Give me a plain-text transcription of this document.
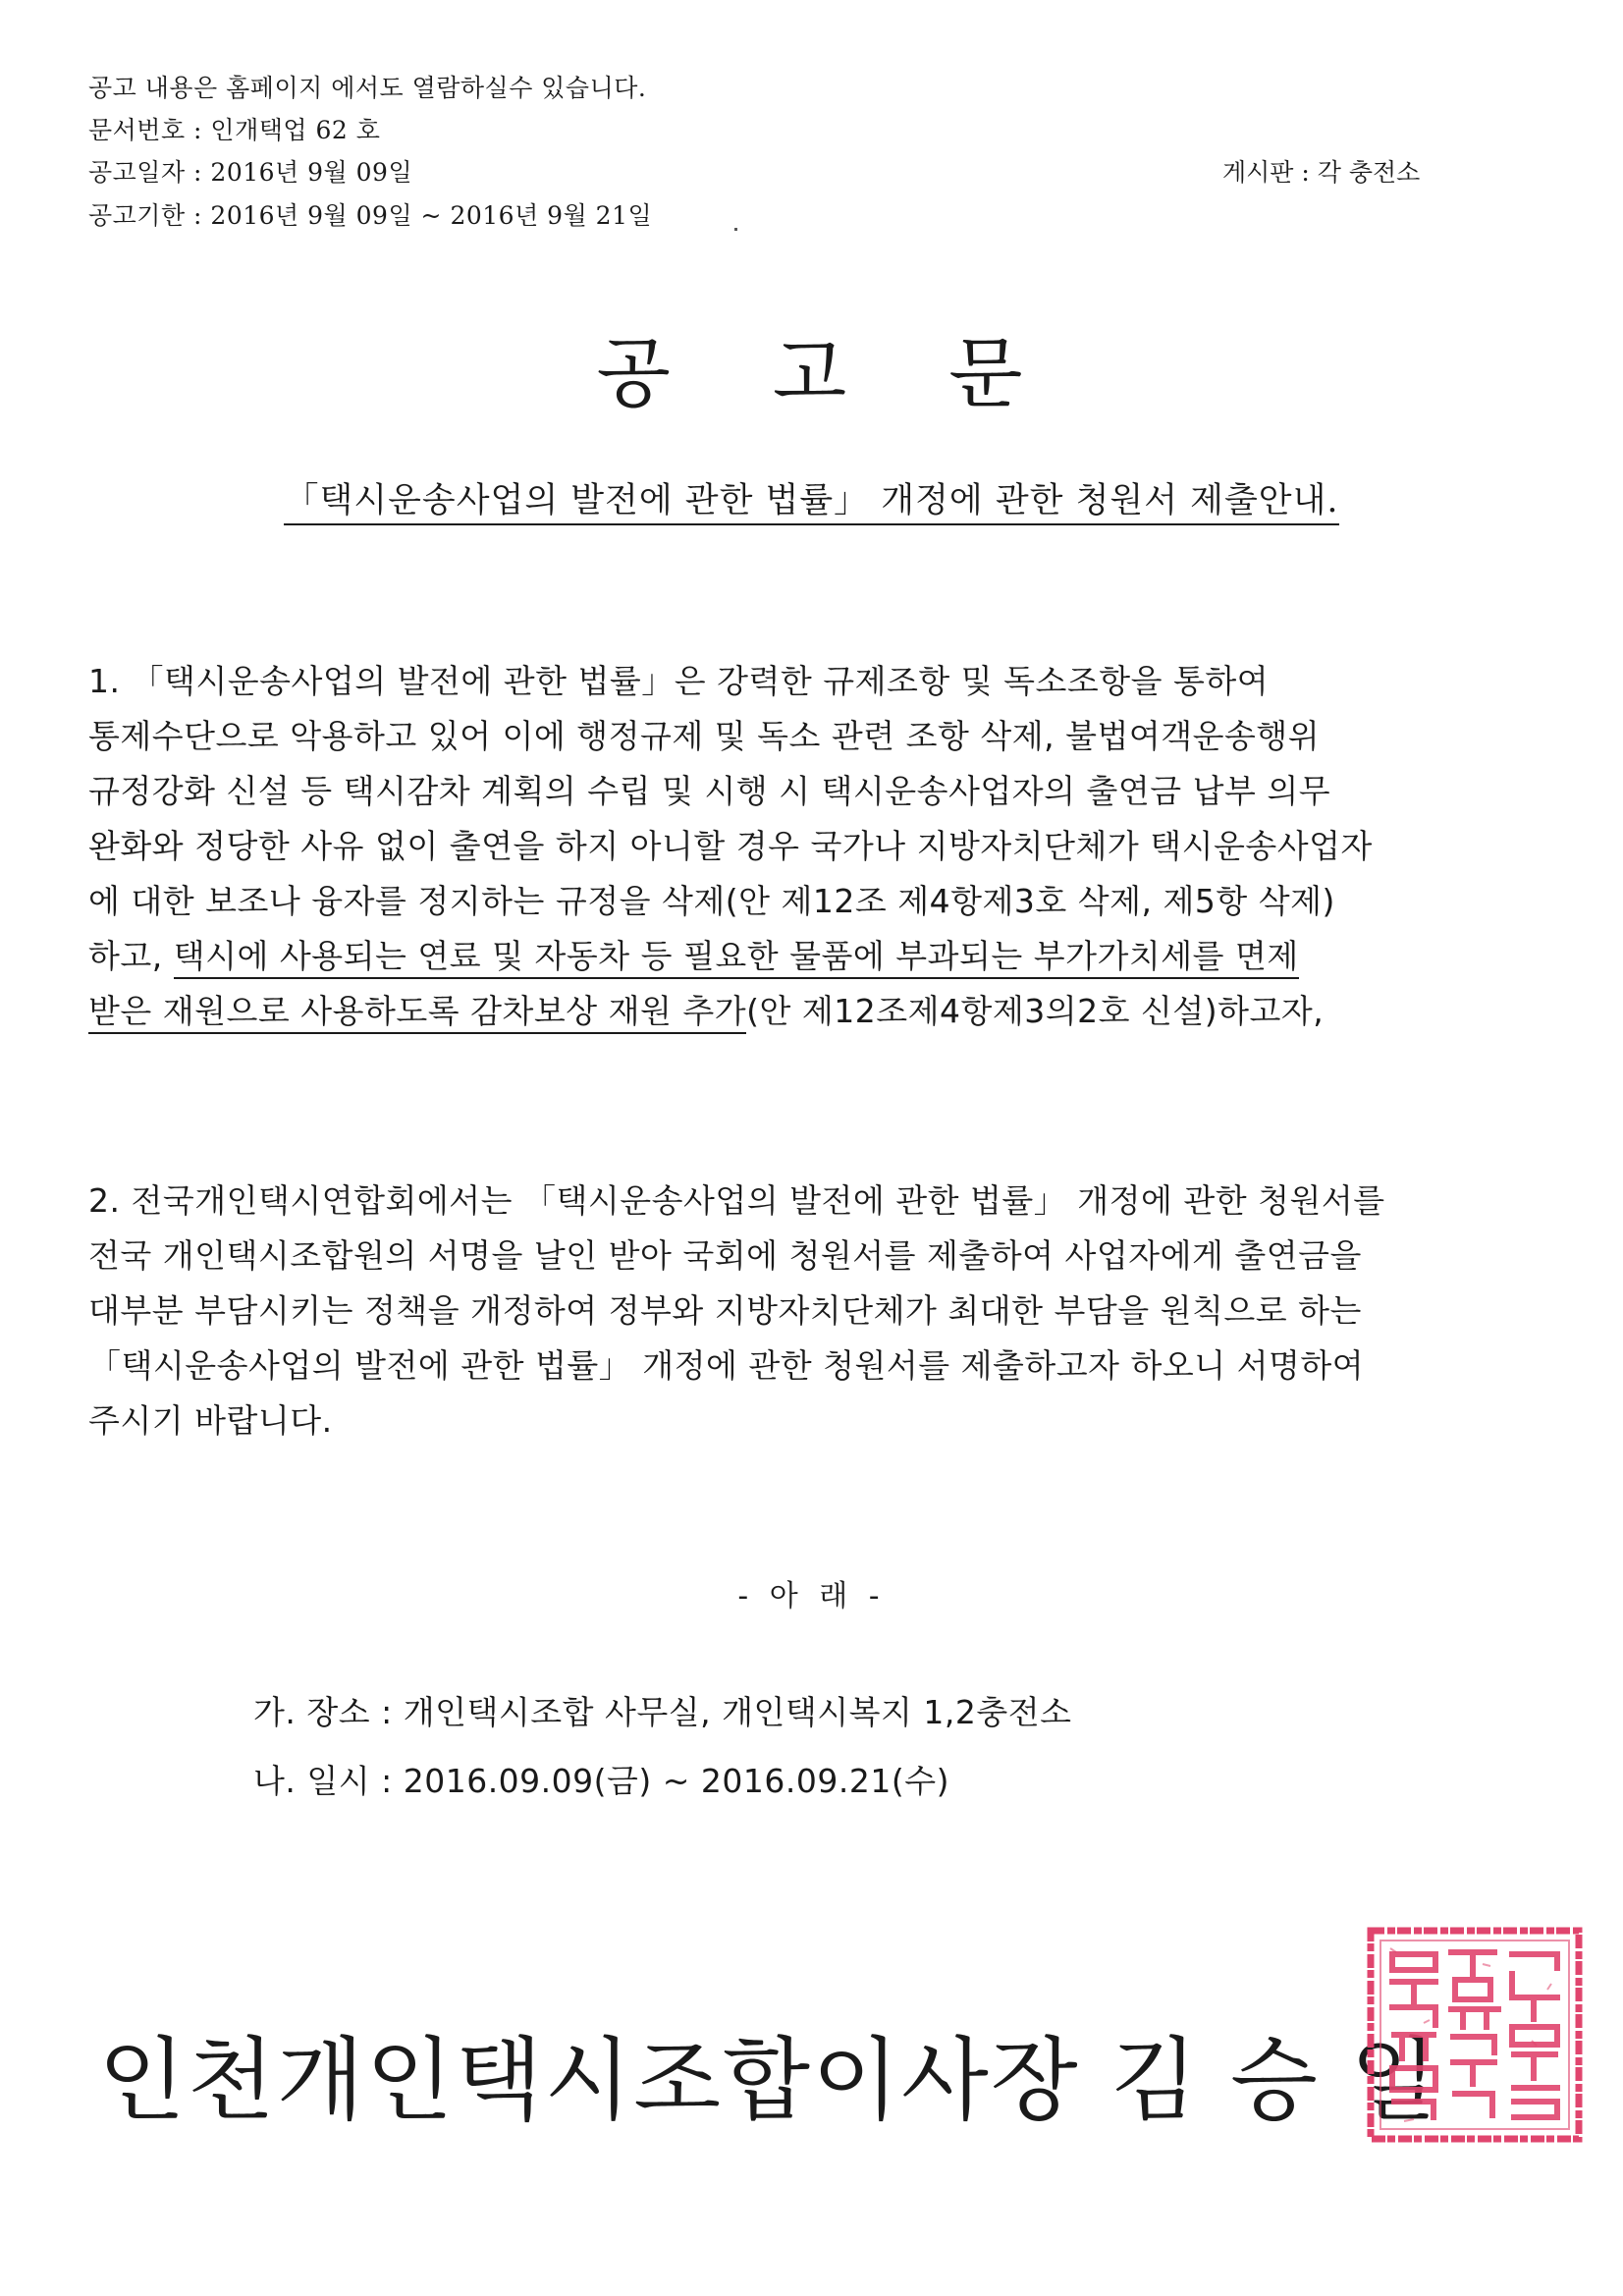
공고 내용은 홈페이지 에서도 열람하실수 있습니다.
문서번호 : 인개택업 62 호
공고일자 : 2016년 9월 09일
공고기한 : 2016년 9월 09일 ~ 2016년 9월 21일
게시판 : 각 충전소
공 고 문
「택시운송사업의 발전에 관한 법률」 개정에 관한 청원서 제출안내.
1. 「택시운송사업의 발전에 관한 법률」은 강력한 규제조항 및 독소조항을 통하여
통제수단으로 악용하고 있어 이에 행정규제 및 독소 관련 조항 삭제, 불법여객운송행위
규정강화 신설 등 택시감차 계획의 수립 및 시행 시 택시운송사업자의 출연금 납부 의무
완화와 정당한 사유 없이 출연을 하지 아니할 경우 국가나 지방자치단체가 택시운송사업자
에 대한 보조나 융자를 정지하는 규정을 삭제(안 제12조 제4항제3호 삭제, 제5항 삭제)
하고, 택시에 사용되는 연료 및 자동차 등 필요한 물품에 부과되는 부가가치세를 면제
받은 재원으로 사용하도록 감차보상 재원 추가(안 제12조제4항제3의2호 신설)하고자,
2. 전국개인택시연합회에서는 「택시운송사업의 발전에 관한 법률」 개정에 관한 청원서를
전국 개인택시조합원의 서명을 날인 받아 국회에 청원서를 제출하여 사업자에게 출연금을
대부분 부담시키는 정책을 개정하여 정부와 지방자치단체가 최대한 부담을 원칙으로 하는
「택시운송사업의 발전에 관한 법률」 개정에 관한 청원서를 제출하고자 하오니 서명하여
주시기 바랍니다.
- 아 래 -
가. 장소 : 개인택시조합 사무실, 개인택시복지 1,2충전소
나. 일시 : 2016.09.09(금) ~ 2016.09.21(수)
인천개인택시조합이사장 김 승 일
